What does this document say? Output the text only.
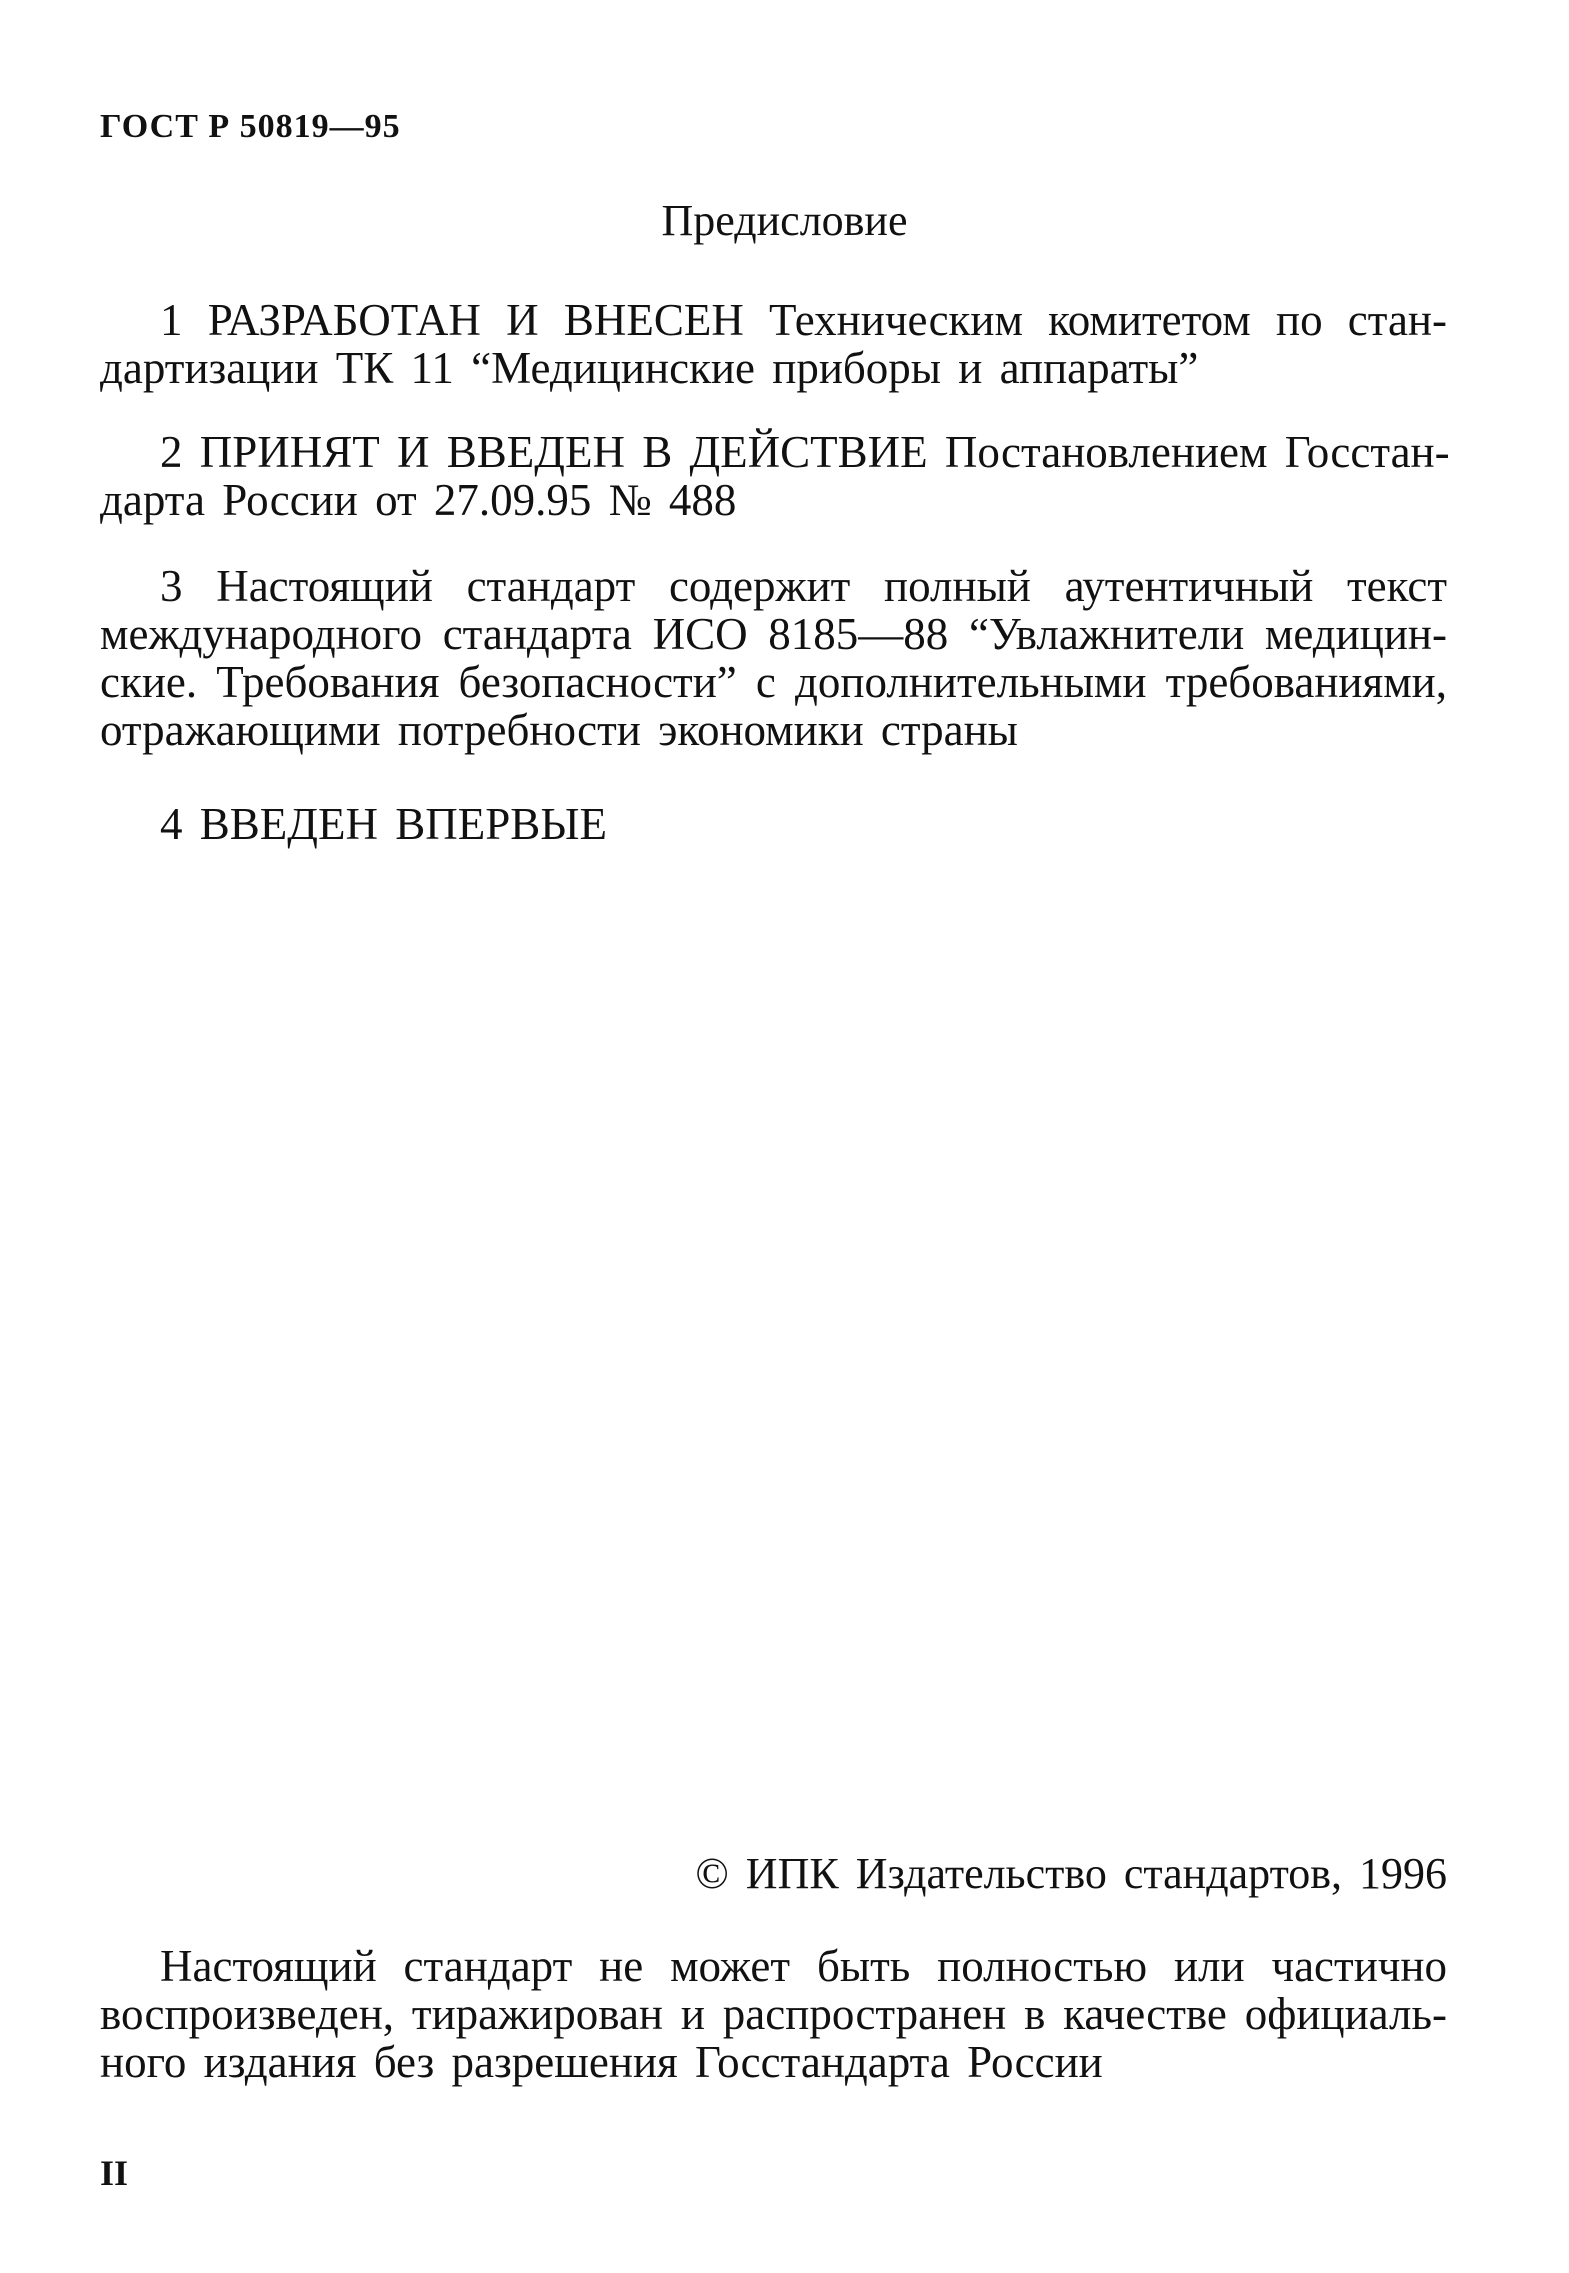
ГОСТ Р 50819—95
Предисловие
1 РАЗРАБОТАН И ВНЕСЕН Техническим комитетом по стан-
дартизации ТК 11 “Медицинские приборы и аппараты”
2 ПРИНЯТ И ВВЕДЕН В ДЕЙСТВИЕ Постановлением Госстан-
дарта России от 27.09.95 № 488
3 Настоящий стандарт содержит полный аутентичный текст
международного стандарта ИСО 8185—88 “Увлажнители медицин-
ские. Требования безопасности” с дополнительными требованиями,
отражающими потребности экономики страны
4 ВВЕДЕН ВПЕРВЫЕ
© ИПК Издательство стандартов, 1996
Настоящий стандарт не может быть полностью или частично
воспроизведен, тиражирован и распространен в качестве официаль-
ного издания без разрешения Госстандарта России
II
